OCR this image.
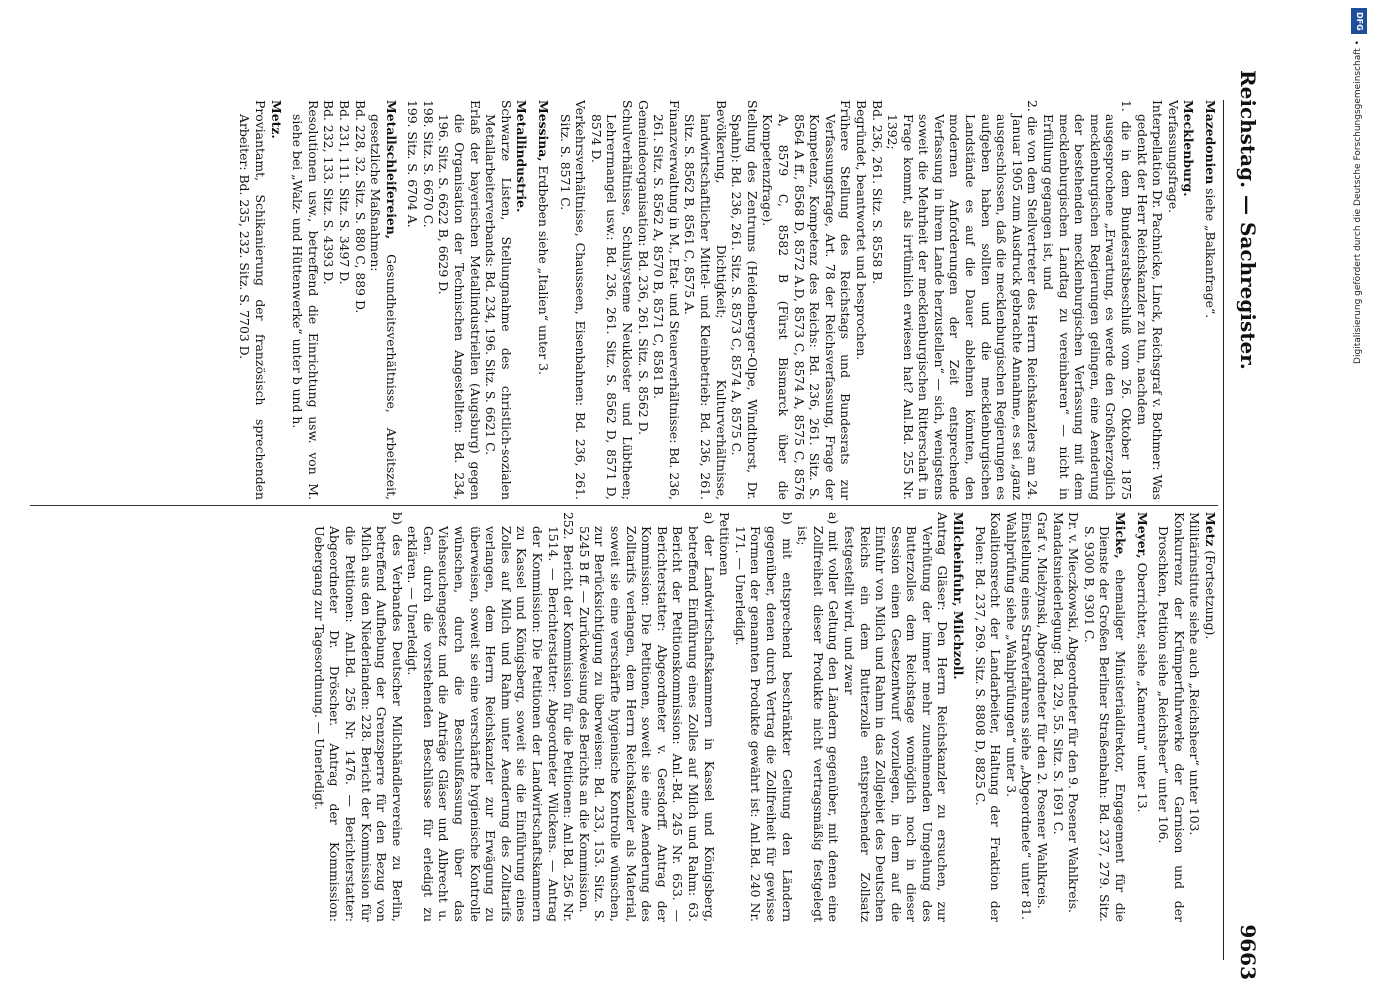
Reichstag. — Sachregister.
9663

Mazedonien siehe „Balkanfrage“.

Mecklenburg.

Verfassungsfrage.

Interpellation Dr. Pachnicke, Linck, Reichsgraf v. Bothmer: Was gedenkt der Herr Reichskanzler zu tun, nachdem

1. die in dem Bundesratsbeschluß vom 26. Oktober 1875 ausgesprochene „Erwartung, es werde den Großherzoglich mecklenburgischen Regierungen gelingen, eine Aenderung der bestehenden mecklenburgischen Verfassung mit dem mecklenburgischen Landtag zu vereinbaren“ — nicht in Erfüllung gegangen ist, und

2. die von dem Stellvertreter des Herrn Reichskanzlers am 24. Januar 1905 zum Ausdruck gebrachte Annahme, es sei „ganz ausgeschlossen, daß die mecklenburgischen Regierungen es aufgeben haben sollten und die mecklenburgischen Landstände es auf die Dauer ablehnen könnten, den modernen Anforderungen der Zeit entsprechende Verfassung in ihrem Lande herzustellen“ — sich, wenigstens soweit die Mehrheit der mecklenburgischen Ritterschaft in Frage kommt, als irrtümlich erwiesen hat? Anl.Bd. 255 Nr. 1392;

Bd. 236, 261. Sitz. S. 8558 B.

Begründet, beantwortet und besprochen.

Frühere Stellung des Reichstags und Bundesrats zur Verfassungsfrage, Art. 78 der Reichsverfassung, Frage der Kompetenz, Kompetenz des Reichs: Bd. 236, 261. Sitz. S. 8564 A ff., 8568 D, 8572 A.D, 8573 C, 8574 A, 8575 C, 8576 A, 8579 C, 8582 B (Fürst Bismarck über die Kompetenzfrage).

Stellung des Zentrums (Heidenberger-Olpe, Windthorst, Dr. Spahn): Bd. 236, 261. Sitz. S. 8573 C, 8574 A, 8575 C.

Bevölkerung, Dichtigkeit; Kulturverhältnisse, landwirtschaftlicher Mittel- und Kleinbetrieb: Bd. 236, 261. Sitz. S. 8562 B, 8561 C, 8575 A.

Finanzverwaltung in M., Etat- und Steuerverhältnisse: Bd. 236, 261. Sitz. S. 8562 A, 8570 B, 8571 C, 8581 B.

Gemeindeorganisation: Bd. 236, 261. Sitz. S. 8562 D.

Schulverhältnisse, Schulsysteme Neukloster und Lübtheen; Lehrermangel usw.: Bd. 236, 261. Sitz. S. 8562 D, 8571 D, 8574 D.

Verkehrsverhältnisse, Chausseen, Eisenbahnen: Bd. 236, 261. Sitz. S. 8571 C.

Messina, Erdbeben siehe „Italien“ unter 3.

Metallindustrie.

Schwarze Listen, Stellungnahme des christlich-sozialen Metallarbeiterverbands: Bd. 234, 196. Sitz. S. 6621 C.

Erlaß der bayerischen Metallindustriellen (Augsburg) gegen die Organisation der Technischen Angestellten: Bd. 234, 196. Sitz. S. 6622 B, 6629 D.

198. Sitz. S. 6670 C.

199. Sitz. S. 6704 A.

Metallschleifereien, Gesundheitsverhältnisse, Arbeitszeit, gesetzliche Maßnahmen:

Bd. 228, 32. Sitz. S. 880 C, 889 D.

Bd. 231, 111. Sitz. S. 3497 D.

Bd. 232, 133. Sitz. S. 4393 D.

Resolutionen usw., betreffend die Einrichtung usw. von M. siehe bei „Walz- und Hüttenwerke“ unter b und h.

Metz.

Proviantamt, Schikanierung der französisch sprechenden Arbeiter: Bd. 235, 232. Sitz. S. 7703 D.

Metz (Fortsetzung).

Militärinstitute siehe auch „Reichsheer“ unter 103.

Konkurrenz der Krümperfuhrwerke der Garnison und der Droschken, Petition siehe „Reichsheer“ unter 106.

Meyer, Oberrichter, siehe „Kamerun“ unter 13.

Micke, ehemaliger Ministerialdirektor, Engagement für die Dienste der Großen Berliner Straßenbahn: Bd. 237, 279. Sitz. S. 9300 B, 9301 C.

Dr. v. Mieczkowski, Abgeordneter für den 9. Posener Wahlkreis.

Mandatsniederlegung: Bd. 229, 55. Sitz. S. 1691 C.

Graf v. Mielżynski, Abgeordneter für den 2. Posener Wahlkreis.

Einstellung eines Strafverfahrens siehe „Abgeordnete“ unter 81.

Wahlprüfung siehe „Wahlprüfungen“ unter 3.

Koalitionsrecht der Landarbeiter, Haltung der Fraktion der Polen: Bd. 237, 269. Sitz. S. 8808 D, 8825 C.

Milcheinfuhr, Milchzoll.

Antrag Gläser: Den Herrn Reichskanzler zu ersuchen, zur Verhütung der immer mehr zunehmenden Umgehung des Butterzolles dem Reichstage womöglich noch in dieser Session einen Gesetzentwurf vorzulegen, in dem auf die Einfuhr von Milch und Rahm in das Zollgebiet des Deutschen Reichs ein dem Butterzolle entsprechender Zollsatz festgestellt wird, und zwar

a) mit voller Geltung den Ländern gegenüber, mit denen eine Zollfreiheit dieser Produkte nicht vertragsmäßig festgelegt ist;

b) mit entsprechend beschränkter Geltung den Ländern gegenüber, denen durch Vertrag die Zollfreiheit für gewisse Formen der genannten Produkte gewährt ist: Anl.Bd. 240 Nr. 171. — Unerledigt.

Petitionen

a) der Landwirtschaftskammern in Kassel und Königsberg, betreffend Einführung eines Zolles auf Milch und Rahm: 63. Bericht der Petitionskommission: Anl.-Bd. 245 Nr. 653. — Berichterstatter: Abgeordneter v. Gersdorff. Antrag der Kommission: Die Petitionen, soweit sie eine Aenderung des Zolltarifs verlangen, dem Herrn Reichskanzler als Material, soweit sie eine verschärfte hygienische Kontrolle wünschen, zur Berücksichtigung zu überweisen: Bd. 233, 153. Sitz. S. 5245 B ff. — Zurückweisung des Berichts an die Kommission.

252. Bericht der Kommission für die Petitionen: Anl.Bd. 256 Nr. 1514. — Berichterstatter: Abgeordneter Wilckens. — Antrag der Kommission: Die Petitionen der Landwirtschaftskammern zu Kassel und Königsberg, soweit sie die Einführung eines Zolles auf Milch und Rahm unter Aenderung des Zolltarifs verlangen, dem Herrn Reichskanzler zur Erwägung zu überweisen, soweit sie eine verschärfte hygienische Kontrolle wünschen, durch die Beschlußfassung über das Viehseuchengesetz und die Anträge Gläser und Albrecht u. Gen. durch die vorstehenden Beschlüsse für erledigt zu erklären. — Unerledigt.

b) des Verbandes Deutscher Milchhändlervereine zu Berlin, betreffend Aufhebung der Grenzsperre für den Bezug von Milch aus den Niederlanden: 228. Bericht der Kommission für die Petitionen: Anl.Bd. 256 Nr. 1476. — Berichterstatter: Abgeordneter Dr. Dröscher. Antrag der Kommission: Uebergang zur Tagesordnung. — Unerledigt.

DFG
Digitalisierung gefördert durch die Deutsche Forschungsgemeinschaft •
